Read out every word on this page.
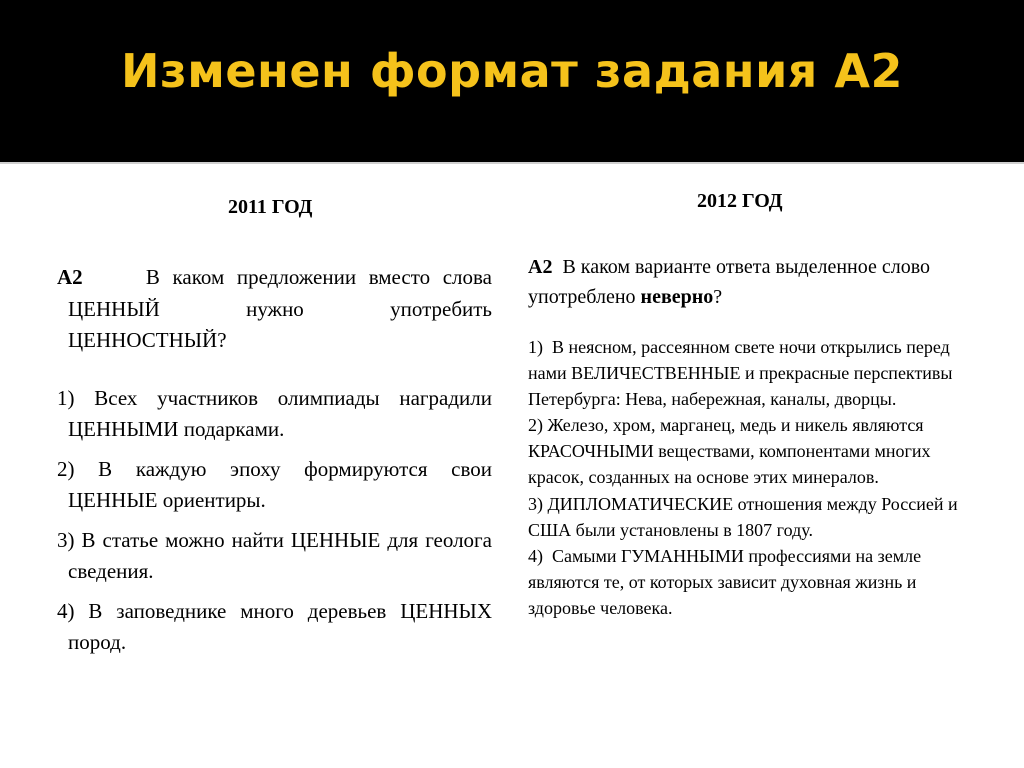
Изменен формат задания А2
2011 ГОД	2012 ГОД

А2	В каком предложении вместо слова ЦЕННЫЙ нужно употребить ЦЕННОСТНЫЙ?

1) Всех участников олимпиады наградили ЦЕННЫМИ подарками.

2) В каждую эпоху формируются свои ЦЕННЫЕ ориентиры.

3) В статье можно найти ЦЕННЫЕ для геолога сведения.

4) В заповеднике много деревьев ЦЕННЫХ пород.

А2 В каком варианте ответа выделенное слово употреблено неверно?

1) В неясном, рассеянном свете ночи открылись перед нами ВЕЛИЧЕСТВЕННЫЕ и прекрасные перспективы Петербурга: Нева, набережная, каналы, дворцы.

2) Железо, хром, марганец, медь и никель являются КРАСОЧНЫМИ веществами, компонентами многих красок, созданных на основе этих минералов.

3) ДИПЛОМАТИЧЕСКИЕ отношения между Россией и США были установлены в 1807 году.

4) Самыми ГУМАННЫМИ профессиями на земле являются те, от которых зависит духовная жизнь и здоровье человека.
